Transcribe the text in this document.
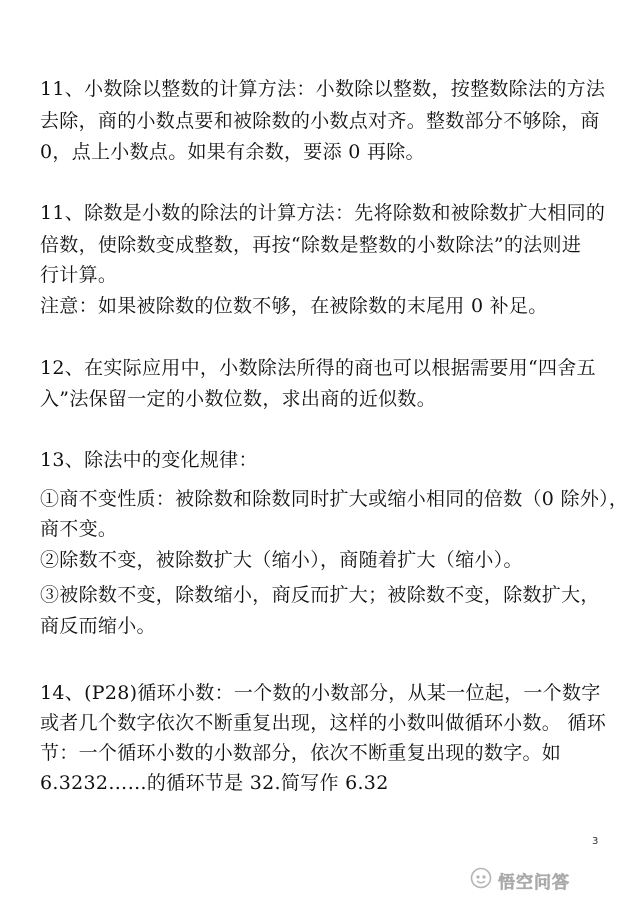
11、小数除以整数的计算方法：小数除以整数，按整数除法的方法
去除，商的小数点要和被除数的小数点对齐。整数部分不够除，商
0，点上小数点。如果有余数，要添 0 再除。
11、除数是小数的除法的计算方法：先将除数和被除数扩大相同的
倍数，使除数变成整数，再按“除数是整数的小数除法”的法则进
行计算。
注意：如果被除数的位数不够，在被除数的末尾用 0 补足。
12、在实际应用中，小数除法所得的商也可以根据需要用“四舍五
入”法保留一定的小数位数，求出商的近似数。
13、除法中的变化规律：
①商不变性质：被除数和除数同时扩大或缩小相同的倍数（0 除外），
商不变。
②除数不变，被除数扩大（缩小），商随着扩大（缩小）。
③被除数不变，除数缩小，商反而扩大；被除数不变，除数扩大，
商反而缩小。
14、(P28)循环小数：一个数的小数部分，从某一位起，一个数字
或者几个数字依次不断重复出现，这样的小数叫做循环小数。 循环
节：一个循环小数的小数部分，依次不断重复出现的数字。如
6.3232……的循环节是 32.简写作 6.32
3
悟空问答
